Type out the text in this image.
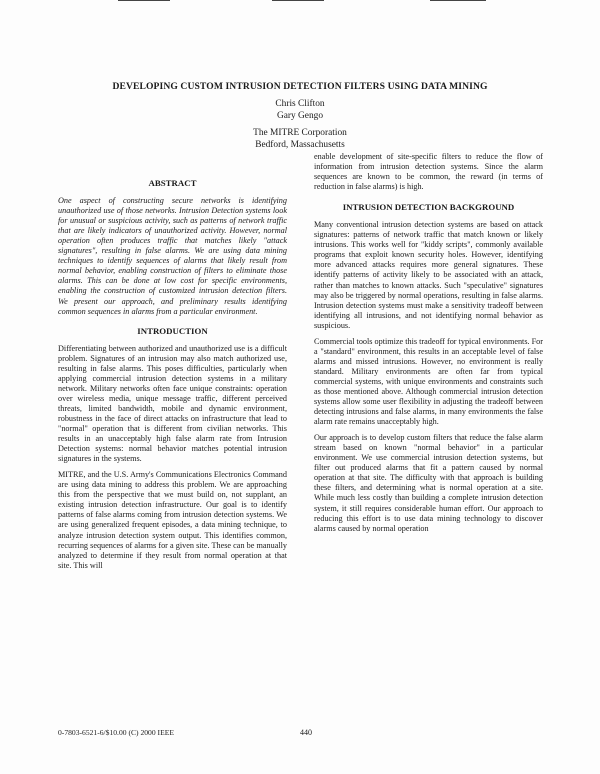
DEVELOPING CUSTOM INTRUSION DETECTION FILTERS USING DATA MINING
Chris Clifton
Gary Gengo
The MITRE Corporation
Bedford, Massachusetts
ABSTRACT

One aspect of constructing secure networks is identifying unauthorized use of those networks. Intrusion Detection systems look for unusual or suspicious activity, such as patterns of network traffic that are likely indicators of unauthorized activity. However, normal operation often produces traffic that matches likely "attack signatures", resulting in false alarms. We are using data mining techniques to identify sequences of alarms that likely result from normal behavior, enabling construction of filters to eliminate those alarms. This can be done at low cost for specific environments, enabling the construction of customized intrusion detection filters. We present our approach, and preliminary results identifying common sequences in alarms from a particular environment.

INTRODUCTION

Differentiating between authorized and unauthorized use is a difficult problem. Signatures of an intrusion may also match authorized use, resulting in false alarms. This poses difficulties, particularly when applying commercial intrusion detection systems in a military network. Military networks often face unique constraints: operation over wireless media, unique message traffic, different perceived threats, limited bandwidth, mobile and dynamic environment, robustness in the face of direct attacks on infrastructure that lead to "normal" operation that is different from civilian networks. This results in an unacceptably high false alarm rate from Intrusion Detection systems: normal behavior matches potential intrusion signatures in the systems.

MITRE, and the U.S. Army's Communications Electronics Command are using data mining to address this problem. We are approaching this from the perspective that we must build on, not supplant, an existing intrusion detection infrastructure. Our goal is to identify patterns of false alarms coming from intrusion detection systems. We are using generalized frequent episodes, a data mining technique, to analyze intrusion detection system output. This identifies common, recurring sequences of alarms for a given site. These can be manually analyzed to determine if they result from normal operation at that site. This will

enable development of site-specific filters to reduce the flow of information from intrusion detection systems. Since the alarm sequences are known to be common, the reward (in terms of reduction in false alarms) is high.

INTRUSION DETECTION BACKGROUND

Many conventional intrusion detection systems are based on attack signatures: patterns of network traffic that match known or likely intrusions. This works well for "kiddy scripts", commonly available programs that exploit known security holes. However, identifying more advanced attacks requires more general signatures. These identify patterns of activity likely to be associated with an attack, rather than matches to known attacks. Such "speculative" signatures may also be triggered by normal operations, resulting in false alarms. Intrusion detection systems must make a sensitivity tradeoff between identifying all intrusions, and not identifying normal behavior as suspicious.

Commercial tools optimize this tradeoff for typical environments. For a "standard" environment, this results in an acceptable level of false alarms and missed intrusions. However, no environment is really standard. Military environments are often far from typical commercial systems, with unique environments and constraints such as those mentioned above. Although commercial intrusion detection systems allow some user flexibility in adjusting the tradeoff between detecting intrusions and false alarms, in many environments the false alarm rate remains unacceptably high.

Our approach is to develop custom filters that reduce the false alarm stream based on known "normal behavior" in a particular environment. We use commercial intrusion detection systems, but filter out produced alarms that fit a pattern caused by normal operation at that site. The difficulty with that approach is building these filters, and determining what is normal operation at a site. While much less costly than building a complete intrusion detection system, it still requires considerable human effort. Our approach to reducing this effort is to use data mining technology to discover alarms caused by normal operation

0-7803-6521-6/$10.00 (C) 2000 IEEE	440
